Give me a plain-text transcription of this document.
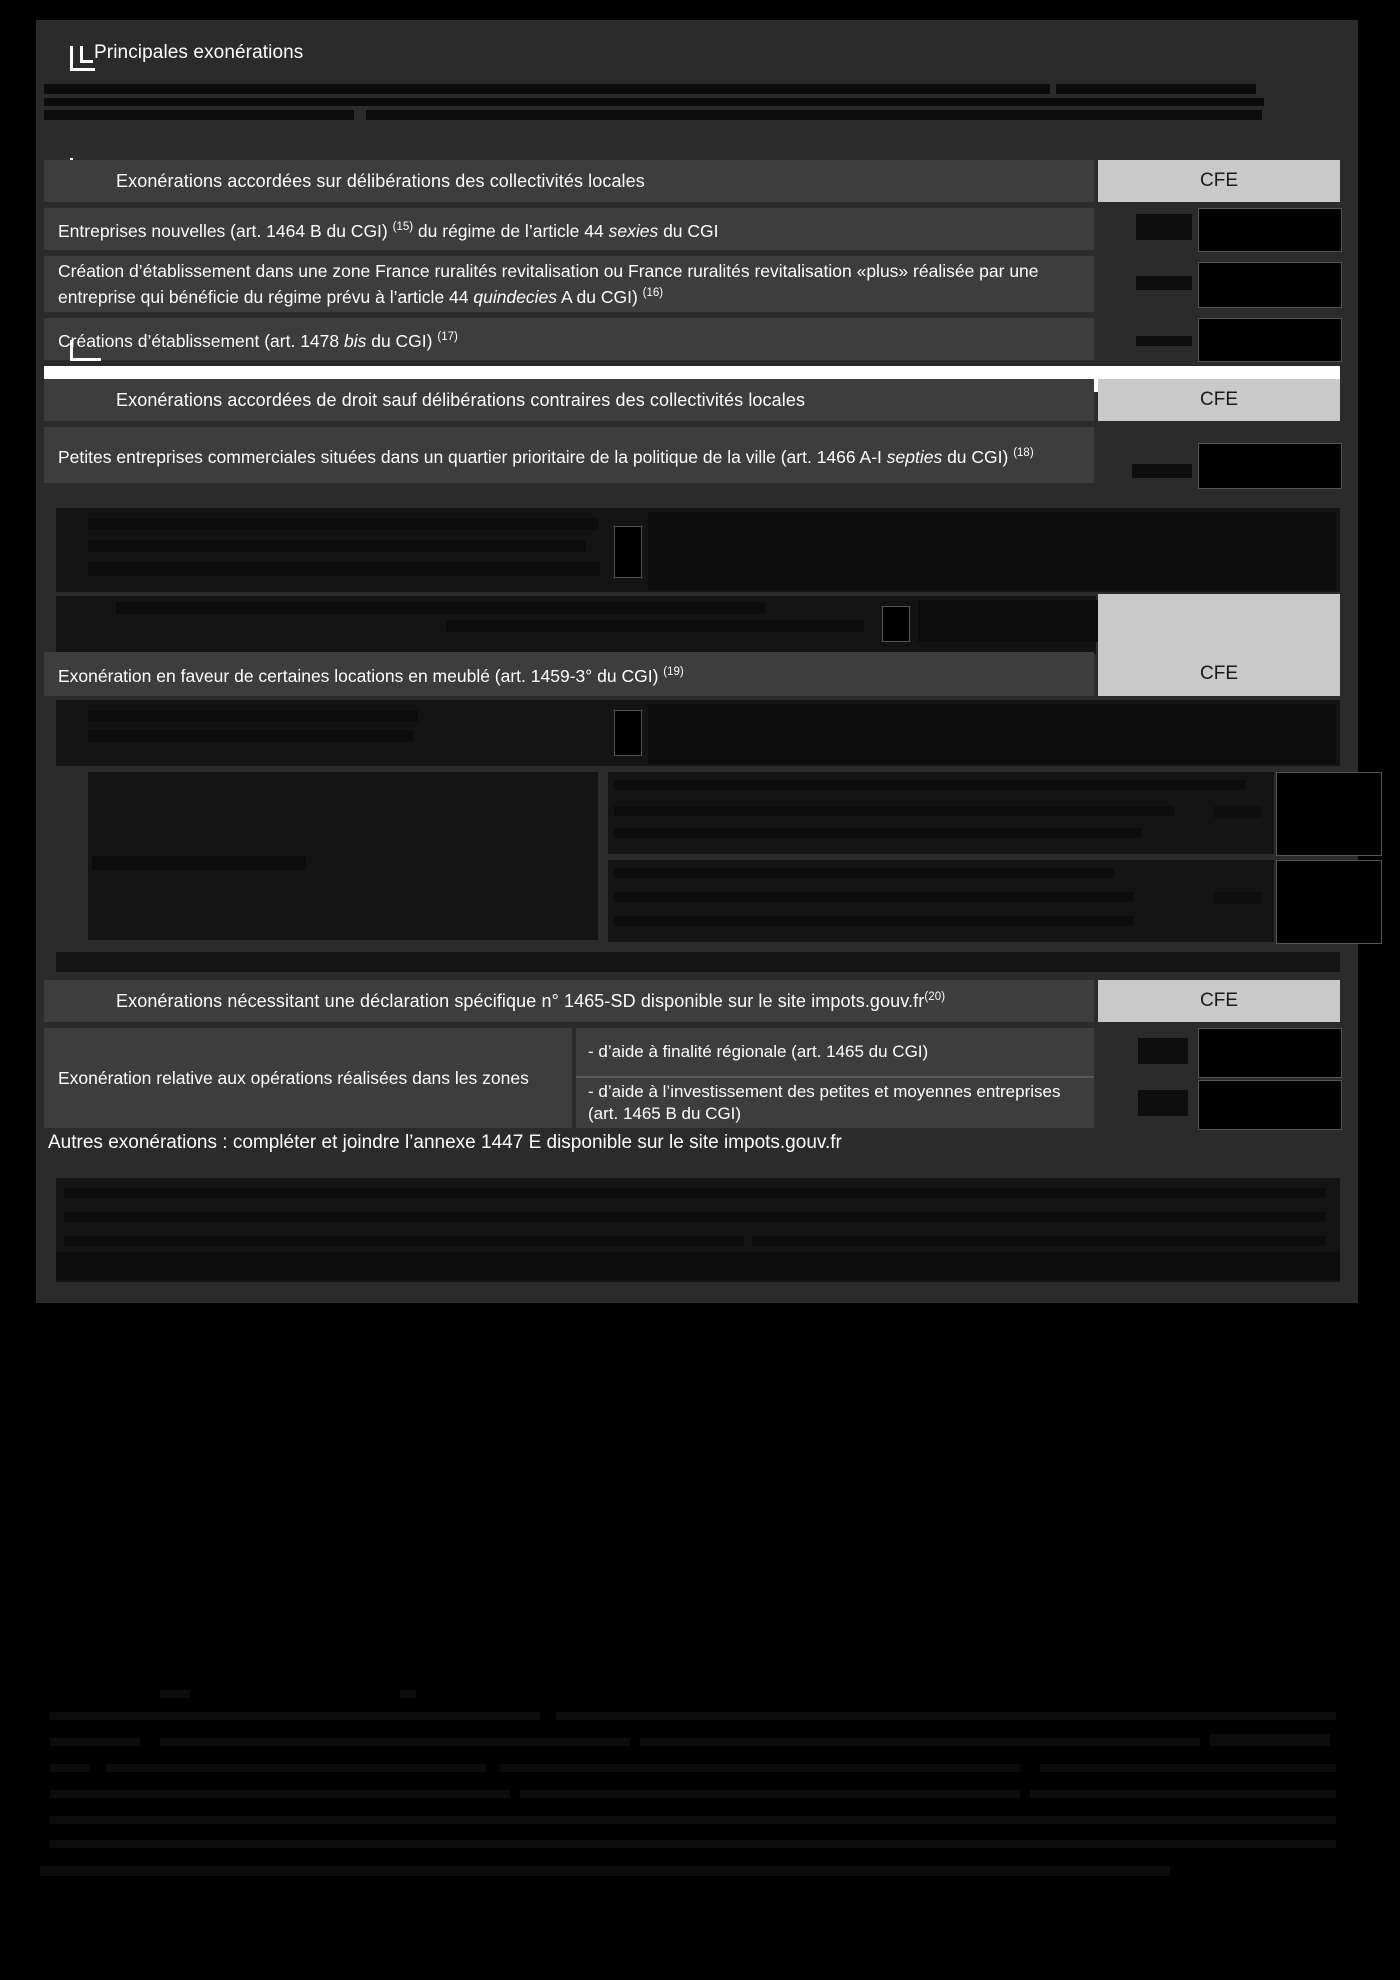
Principales exonérations
Exonérations accordées sur délibérations des collectivités locales	CFE
Entreprises nouvelles (art. 1464 B du CGI) $^{(15)}$ du régime de l’article 44 sexies du CGI
Création d’établissement dans une zone France ruralités revitalisation ou France ruralités revitalisation «plus» réalisée par une entreprise qui bénéficie du régime prévu à l’article 44 quindecies A du CGI) $^{(16)}$
Créations d’établissement (art. 1478 bis du CGI) $^{(17)}$
Exonérations accordées de droit sauf délibérations contraires des collectivités locales	CFE
Petites entreprises commerciales situées dans un quartier prioritaire de la politique de la ville (art. 1466 A-I septies du CGI) $^{(18)}$
Exonération en faveur de certaines locations en meublé (art. 1459-3° du CGI) $^{(19)}$	CFE
Exonérations nécessitant une déclaration spécifique n° 1465-SD disponible sur le site $impots.gouv.fr^{(20)}$	CFE
Exonération relative aux opérations réalisées dans les zones
- d’aide à finalité régionale (art. 1465 du CGI)
- d’aide à l’investissement des petites et moyennes entreprises (art. 1465 B du CGI)
Autres exonérations : compléter et joindre l’annexe 1447 E disponible sur le site impots.gouv.fr
